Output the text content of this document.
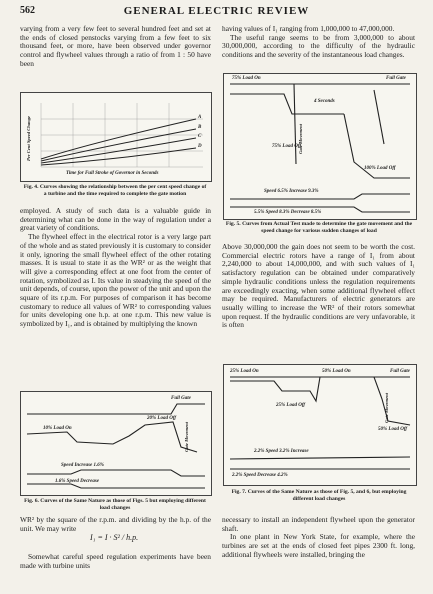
562	GENERAL ELECTRIC REVIEW

varying from a very few feet to several hundred feet and set at the ends of closed penstocks varying from a few feet to six thousand feet, or more, have been observed under governor control and flywheel values through a ratio of from 1 : 50 have been

Per Cent Speed Change
Time for Full Stroke of Governor in Seconds
A
B
C
D
Fig. 4. Curves showing the relationship between the per cent speed change of a turbine and the time required to complete the gate motion

employed. A study of such data is a valuable guide in determining what can be done in the way of regulation under a great variety of conditions.

The flywheel effect in the electrical rotor is a very large part of the whole and as stated previously it is customary to consider it only, ignoring the small flywheel effect of the other rotating masses. It is usual to state it as the WR² or as the weight that will give a corresponding effect at one foot from the center of rotation, symbolized as I. Its value in steadying the speed of the unit depends, of course, upon the power of the unit and upon the square of its r.p.m. For purposes of comparison it has become customary to reduce all values of WR² to corresponding values for units developing one h.p. at one r.p.m. This new value is symbolized by I₁, and is obtained by multiplying the known

10% Load On
Full Gate
20% Load Off
Speed Increase 1.6%
1.6% Speed Decrease
Gate Movement
Fig. 6. Curves of the Same Nature as those of Figs. 5 but employing different load changes

WR² by the square of the r.p.m. and dividing by the h.p. of the unit. We may write

I₁ = I · S² / h.p.

Somewhat careful speed regulation experiments have been made with turbine units

having values of I₁ ranging from 1,000,000 to 47,000,000.

The useful range seems to be from 3,000,000 to about 30,000,000, according to the difficulty of the hydraulic conditions and the severity of the instantaneous load changes.

75% Load On	Full Gate
4 Seconds
75% Load Off
100% Load Off
Speed 6.5% Increase 9.3%
5.5% Speed 8.3% Decrease 8.5%
Gate Movement
Fig. 5. Curves from Actual Test made to determine the gate movement and the speed change for various sudden changes of load

Above 30,000,000 the gain does not seem to be worth the cost. Commercial electric rotors have a range of I₁ from about 2,240,000 to about 14,000,000, and with such values of I₁ satisfactory regulation can be obtained under comparatively simple hydraulic conditions unless the regulation requirements are exceedingly exacting, when some additional flywheel effect may be required. Manufacturers of electric generators are usually willing to increase the WR² of their rotors somewhat upon request. If the hydraulic conditions are very unfavorable, it is often

25% Load On	50% Load On	Full Gate
25% Load Off
50% Load Off
2.2% Speed 3.2% Increase
2.2% Speed Decrease 4.2%
Gate Movement
Fig. 7. Curves of the Same Nature as those of Fig. 5, and 6, but employing different load changes

necessary to install an independent flywheel upon the generator shaft.

In one plant in New York State, for example, where the turbines are set at the ends of closed feet pipes 2300 ft. long, additional flywheels were installed, bringing the
